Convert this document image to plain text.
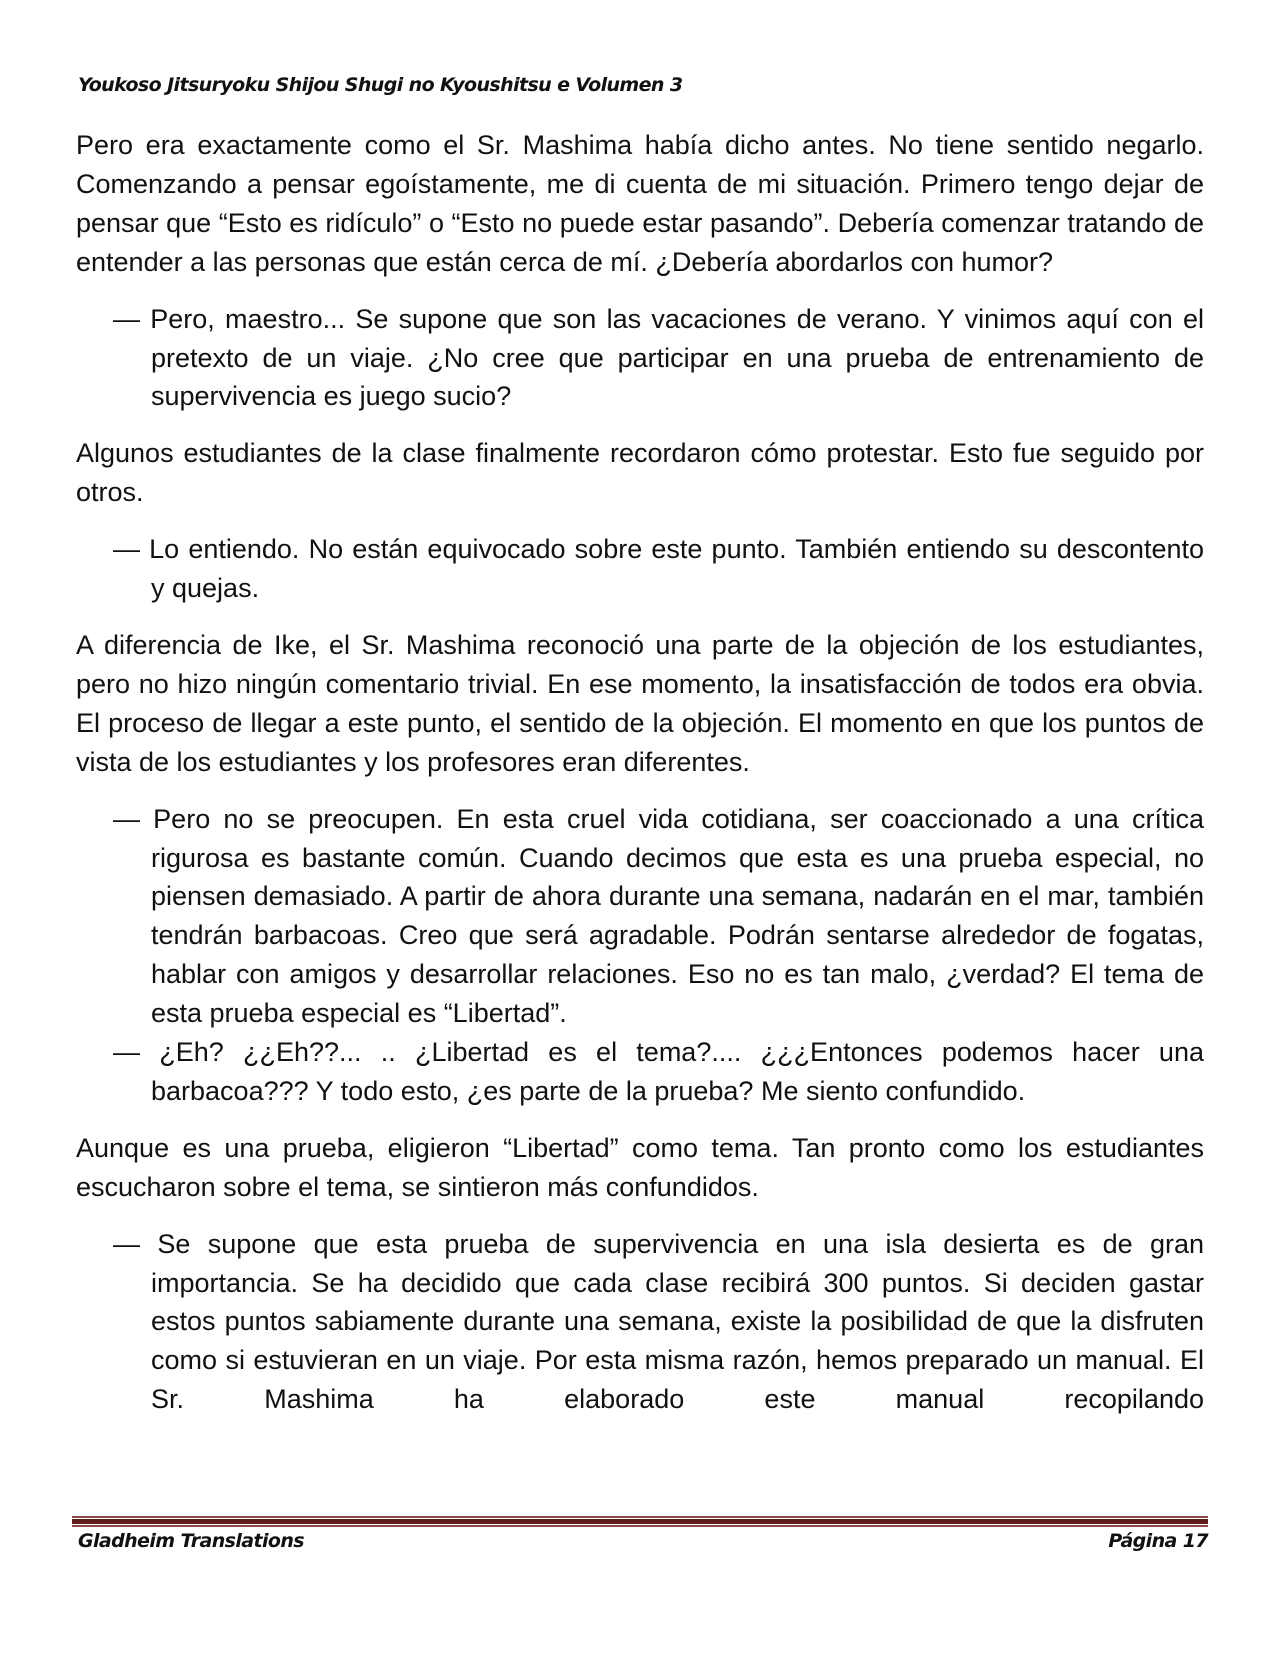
Youkoso Jitsuryoku Shijou Shugi no Kyoushitsu e Volumen 3

Pero era exactamente como el Sr. Mashima había dicho antes. No tiene sentido negarlo. Comenzando a pensar egoístamente, me di cuenta de mi situación. Primero tengo dejar de pensar que “Esto es ridículo” o “Esto no puede estar pasando”. Debería comenzar tratando de entender a las personas que están cerca de mí. ¿Debería abordarlos con humor?

— Pero, maestro... Se supone que son las vacaciones de verano. Y vinimos aquí con el pretexto de un viaje. ¿No cree que participar en una prueba de entrenamiento de supervivencia es juego sucio?

Algunos estudiantes de la clase finalmente recordaron cómo protestar. Esto fue seguido por otros.

— Lo entiendo. No están equivocado sobre este punto. También entiendo su descontento y quejas.

A diferencia de Ike, el Sr. Mashima reconoció una parte de la objeción de los estudiantes, pero no hizo ningún comentario trivial. En ese momento, la insatisfacción de todos era obvia. El proceso de llegar a este punto, el sentido de la objeción. El momento en que los puntos de vista de los estudiantes y los profesores eran diferentes.

— Pero no se preocupen. En esta cruel vida cotidiana, ser coaccionado a una crítica rigurosa es bastante común. Cuando decimos que esta es una prueba especial, no piensen demasiado. A partir de ahora durante una semana, nadarán en el mar, también tendrán barbacoas. Creo que será agradable. Podrán sentarse alrededor de fogatas, hablar con amigos y desarrollar relaciones. Eso no es tan malo, ¿verdad? El tema de esta prueba especial es “Libertad”.

— ¿Eh? ¿¿Eh??... .. ¿Libertad es el tema?.... ¿¿¿Entonces podemos hacer una barbacoa??? Y todo esto, ¿es parte de la prueba? Me siento confundido.

Aunque es una prueba, eligieron “Libertad” como tema. Tan pronto como los estudiantes escucharon sobre el tema, se sintieron más confundidos.

— Se supone que esta prueba de supervivencia en una isla desierta es de gran importancia. Se ha decidido que cada clase recibirá 300 puntos. Si deciden gastar estos puntos sabiamente durante una semana, existe la posibilidad de que la disfruten como si estuvieran en un viaje. Por esta misma razón, hemos preparado un manual. El Sr. Mashima ha elaborado este manual recopilando

Gladheim Translations	Página 17
